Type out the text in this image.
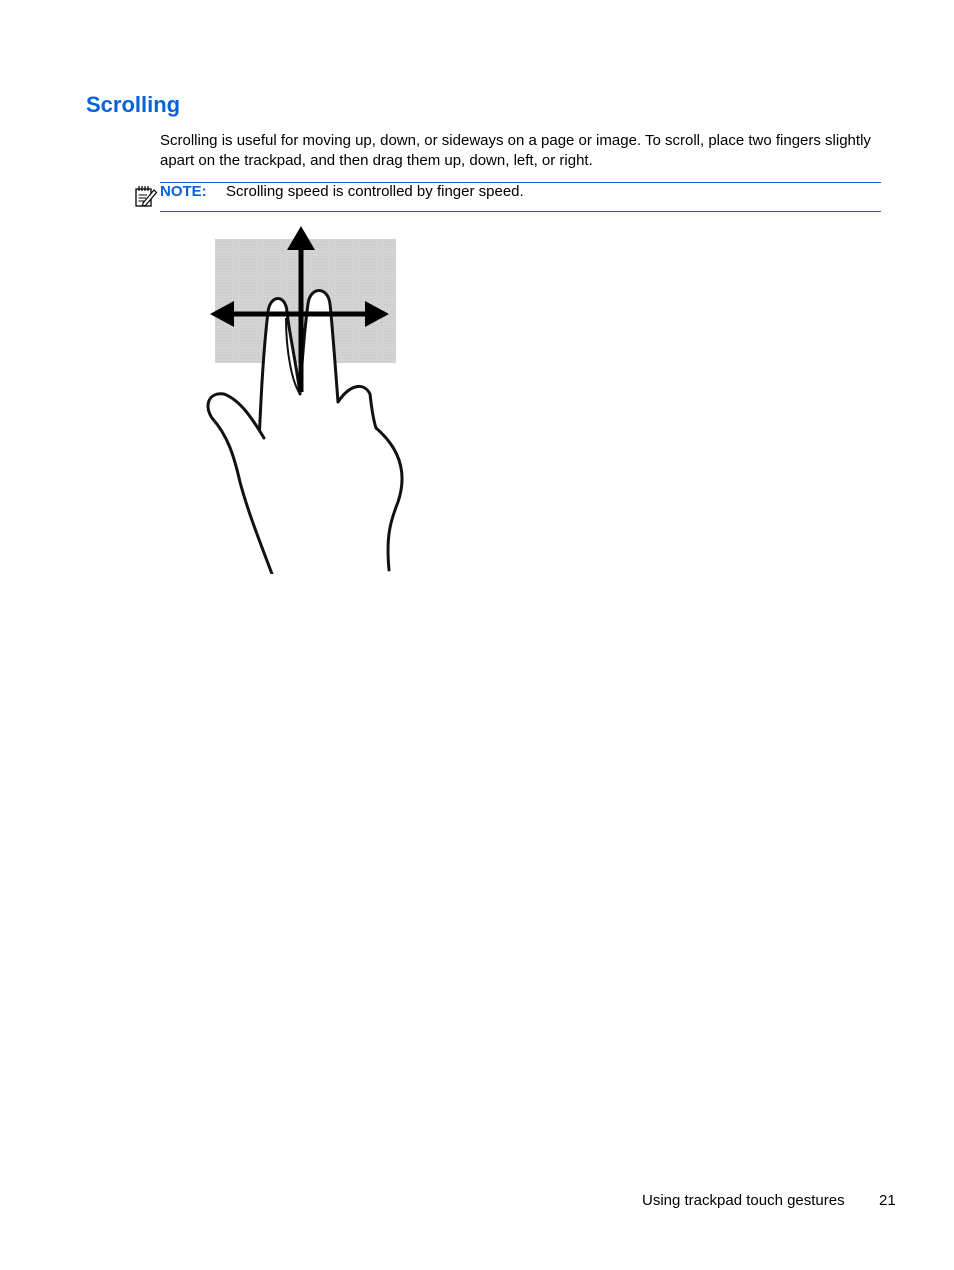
Scrolling

Scrolling is useful for moving up, down, or sideways on a page or image. To scroll, place two fingers slightly apart on the trackpad, and then drag them up, down, left, or right.

NOTE: Scrolling speed is controlled by finger speed.
Using trackpad touch gestures 21
